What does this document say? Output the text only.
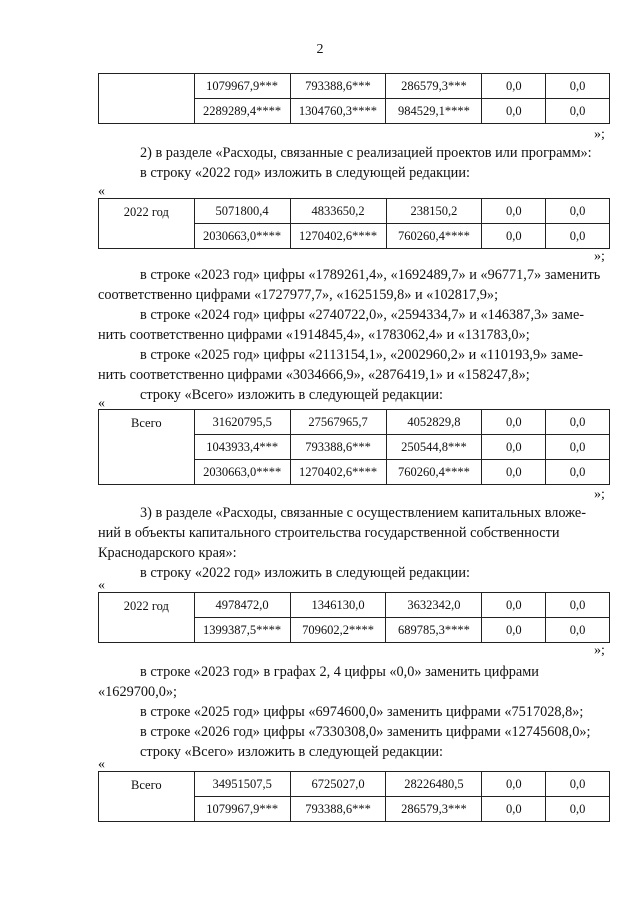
2
	1079967,9***	793388,6***	286579,3***	0,0	0,0
	2289289,4****	1304760,3****	984529,1****	0,0	0,0
»;

2) в разделе «Расходы, связанные с реализацией проектов или программ»:

в строку «2022 год» изложить в следующей редакции:

«
2022 год	5071800,4	4833650,2	238150,2	0,0	0,0
	2030663,0****	1270402,6****	760260,4****	0,0	0,0
»;

в строке «2023 год» цифры «1789261,4», «1692489,7» и «96771,7» заменить

соответственно цифрами «1727977,7», «1625159,8» и «102817,9»;

в строке «2024 год» цифры «2740722,0», «2594334,7» и «146387,3» заме-

нить соответственно цифрами «1914845,4», «1783062,4» и «131783,0»;

в строке «2025 год» цифры «2113154,1», «2002960,2» и «110193,9» заме-

нить соответственно цифрами «3034666,9», «2876419,1» и «158247,8»;

строку «Всего» изложить в следующей редакции:

«
Всего	31620795,5	27567965,7	4052829,8	0,0	0,0
	1043933,4***	793388,6***	250544,8***	0,0	0,0
	2030663,0****	1270402,6****	760260,4****	0,0	0,0
»;

3) в разделе «Расходы, связанные с осуществлением капитальных вложе-

ний в объекты капитального строительства государственной собственности

Краснодарского края»:

в строку «2022 год» изложить в следующей редакции:

«
2022 год	4978472,0	1346130,0	3632342,0	0,0	0,0
	1399387,5****	709602,2****	689785,3****	0,0	0,0
»;

в строке «2023 год» в графах 2, 4 цифры «0,0» заменить цифрами

«1629700,0»;

в строке «2025 год» цифры «6974600,0» заменить цифрами «7517028,8»;

в строке «2026 год» цифры «7330308,0» заменить цифрами «12745608,0»;

строку «Всего» изложить в следующей редакции:

«
Всего	34951507,5	6725027,0	28226480,5	0,0	0,0
	1079967,9***	793388,6***	286579,3***	0,0	0,0
